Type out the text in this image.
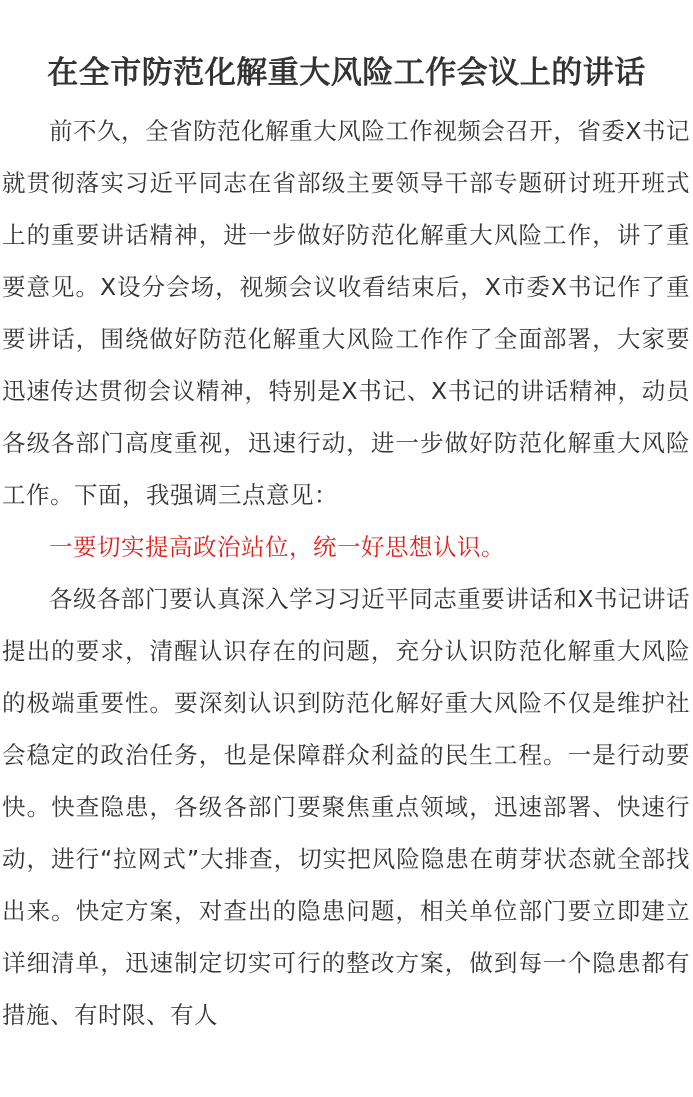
在全市防范化解重大风险工作会议上的讲话

前不久，全省防范化解重大风险工作视频会召开，省委X书记就贯彻落实习近平同志在省部级主要领导干部专题研讨班开班式上的重要讲话精神，进一步做好防范化解重大风险工作，讲了重要意见。X设分会场，视频会议收看结束后，X市委X书记作了重要讲话，围绕做好防范化解重大风险工作作了全面部署，大家要迅速传达贯彻会议精神，特别是X书记、X书记的讲话精神，动员各级各部门高度重视，迅速行动，进一步做好防范化解重大风险工作。下面，我强调三点意见：

一要切实提高政治站位，统一好思想认识。

各级各部门要认真深入学习习近平同志重要讲话和X书记讲话提出的要求，清醒认识存在的问题，充分认识防范化解重大风险的极端重要性。要深刻认识到防范化解好重大风险不仅是维护社会稳定的政治任务，也是保障群众利益的民生工程。一是行动要快。快查隐患，各级各部门要聚焦重点领域，迅速部署、快速行动，进行“拉网式”大排查，切实把风险隐患在萌芽状态就全部找出来。快定方案，对查出的隐患问题，相关单位部门要立即建立详细清单，迅速制定切实可行的整改方案，做到每一个隐患都有措施、有时限、有人
